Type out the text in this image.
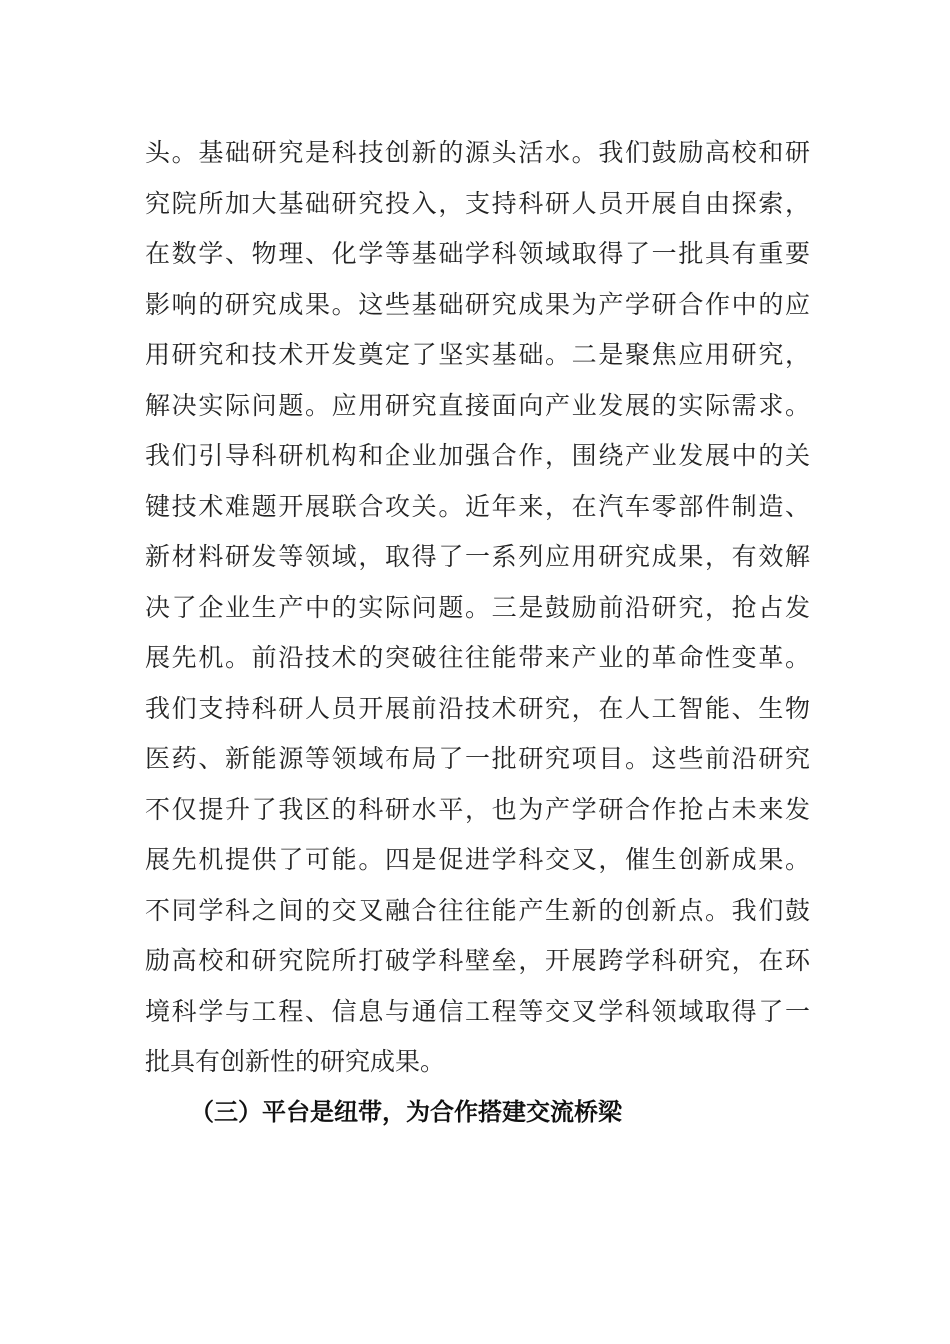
头。基础研究是科技创新的源头活水。我们鼓励高校和研
究院所加大基础研究投入，支持科研人员开展自由探索，
在数学、物理、化学等基础学科领域取得了一批具有重要
影响的研究成果。这些基础研究成果为产学研合作中的应
用研究和技术开发奠定了坚实基础。二是聚焦应用研究，
解决实际问题。应用研究直接面向产业发展的实际需求。
我们引导科研机构和企业加强合作，围绕产业发展中的关
键技术难题开展联合攻关。近年来，在汽车零部件制造、
新材料研发等领域，取得了一系列应用研究成果，有效解
决了企业生产中的实际问题。三是鼓励前沿研究，抢占发
展先机。前沿技术的突破往往能带来产业的革命性变革。
我们支持科研人员开展前沿技术研究，在人工智能、生物
医药、新能源等领域布局了一批研究项目。这些前沿研究
不仅提升了我区的科研水平，也为产学研合作抢占未来发
展先机提供了可能。四是促进学科交叉，催生创新成果。
不同学科之间的交叉融合往往能产生新的创新点。我们鼓
励高校和研究院所打破学科壁垒，开展跨学科研究，在环
境科学与工程、信息与通信工程等交叉学科领域取得了一
批具有创新性的研究成果。
（三）平台是纽带，为合作搭建交流桥梁
